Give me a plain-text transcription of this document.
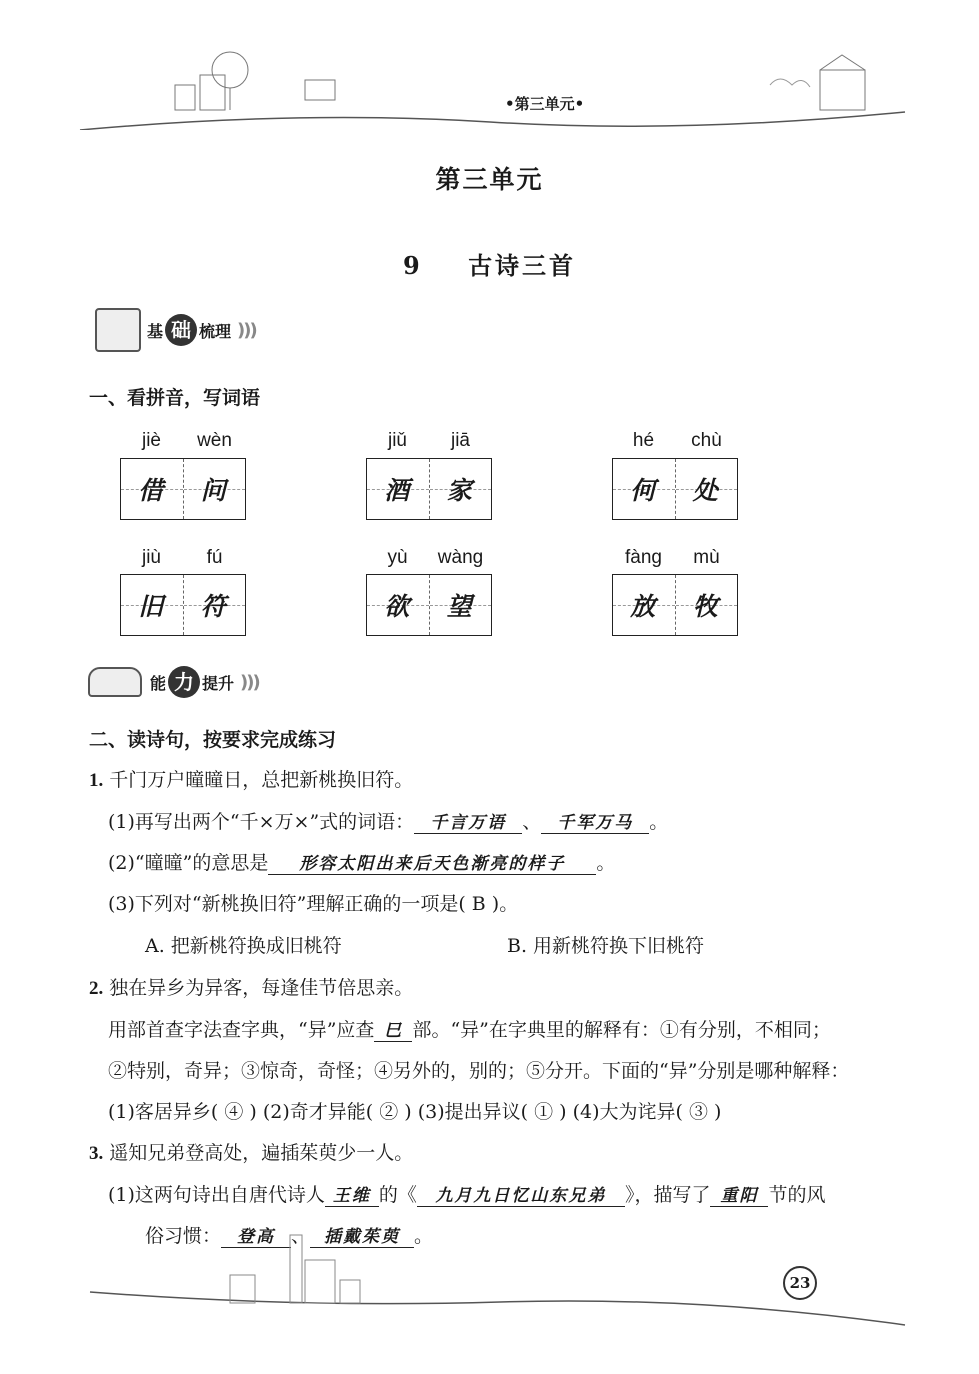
•第三单元•
第三单元
9 古诗三首
基 础 梳理 )))
一、看拼音，写词语
jiè	wèn
借 问
jiǔ	jiā
酒 家
hé	chù
何 处
jiù	fú
旧 符
yù	wàng
欲 望
fàng	mù
放 牧
能 力 提升 )))
二、读诗句，按要求完成练习
1. 千门万户曈曈日，总把新桃换旧符。
(1)再写出两个“千×万×”式的词语： 千言万语 、 千军万马 。
(2)“曈曈”的意思是 形容太阳出来后天色渐亮的样子 。
(3)下列对“新桃换旧符”理解正确的一项是( B )。
A. 把新桃符换成旧桃符	B. 用新桃符换下旧桃符
2. 独在异乡为异客，每逢佳节倍思亲。
用部首查字法查字典，“异”应查 巳 部。“异”在字典里的解释有：①有分别，不相同；
②特别，奇异；③惊奇，奇怪；④另外的，别的；⑤分开。下面的“异”分别是哪种解释：
(1)客居异乡( ④ ) (2)奇才异能( ② ) (3)提出异议( ① ) (4)大为诧异( ③ )
3. 遥知兄弟登高处，遍插茱萸少一人。
(1)这两句诗出自唐代诗人 王维 的《 九月九日忆山东兄弟 》，描写了 重阳 节的风
俗习惯： 登高 、 插戴茱萸 。
23
